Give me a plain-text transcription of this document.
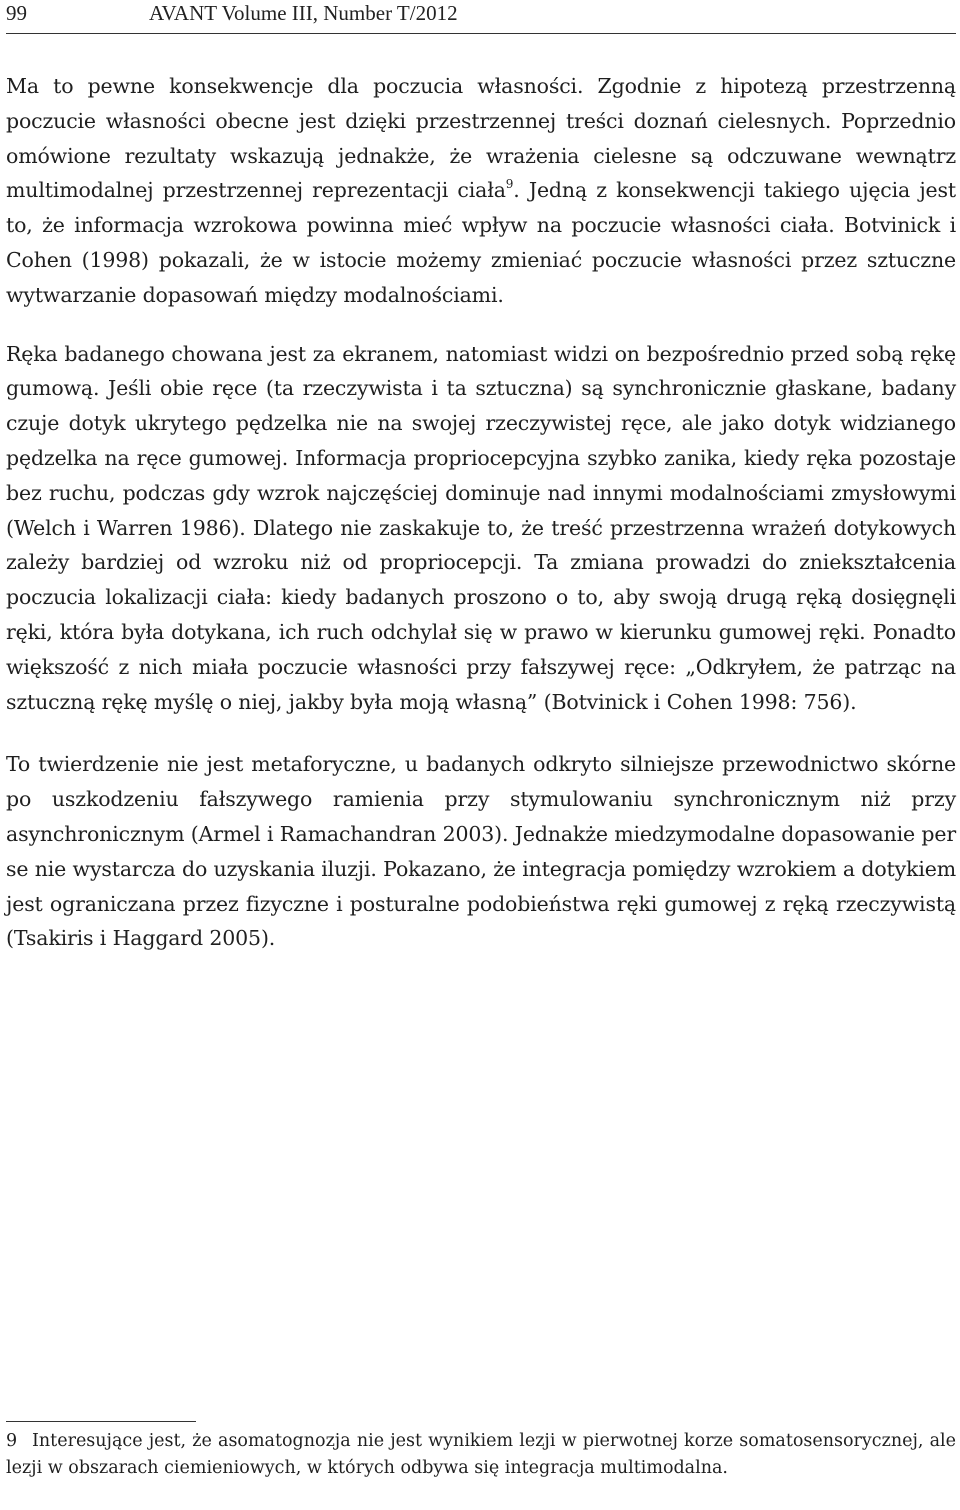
99	AVANT Volume III, Number T/2012

Ma to pewne konsekwencje dla poczucia własności. Zgodnie z hipotezą przestrzenną poczucie własności obecne jest dzięki przestrzennej treści doznań cielesnych. Poprzednio omówione rezultaty wskazują jednakże, że wrażenia cielesne są odczuwane wewnątrz multimodalnej przestrzennej reprezentacji ciała$^9$. Jedną z konsekwencji takiego ujęcia jest to, że informacja wzrokowa powinna mieć wpływ na poczucie własności ciała. Botvinick i Cohen (1998) pokazali, że w istocie możemy zmieniać poczucie własności przez sztuczne wytwarzanie dopasowań między modalnościami.

Ręka badanego chowana jest za ekranem, natomiast widzi on bezpośrednio przed sobą rękę gumową. Jeśli obie ręce (ta rzeczywista i ta sztuczna) są synchronicznie głaskane, badany czuje dotyk ukrytego pędzelka nie na swojej rzeczywistej ręce, ale jako dotyk widzianego pędzelka na ręce gumowej. Informacja propriocepcyjna szybko zanika, kiedy ręka pozostaje bez ruchu, podczas gdy wzrok najczęściej dominuje nad innymi modalnościami zmysłowymi (Welch i Warren 1986). Dlatego nie zaskakuje to, że treść przestrzenna wrażeń dotykowych zależy bardziej od wzroku niż od propriocepcji. Ta zmiana prowadzi do zniekształcenia poczucia lokalizacji ciała: kiedy badanych proszono o to, aby swoją drugą ręką dosięgnęli ręki, która była dotykana, ich ruch odchylał się w prawo w kierunku gumowej ręki. Ponadto większość z nich miała poczucie własności przy fałszywej ręce: „Odkryłem, że patrząc na sztuczną rękę myślę o niej, jakby była moją własną” (Botvinick i Cohen 1998: 756).

To twierdzenie nie jest metaforyczne, u badanych odkryto silniejsze przewodnictwo skórne po uszkodzeniu fałszywego ramienia przy stymulowaniu synchronicznym niż przy asynchronicznym (Armel i Ramachandran 2003). Jednakże miedzymodalne dopasowanie per se nie wystarcza do uzyskania iluzji. Pokazano, że integracja pomiędzy wzrokiem a dotykiem jest ograniczana przez fizyczne i posturalne podobieństwa ręki gumowej z ręką rzeczywistą (Tsakiris i Haggard 2005).

9 Interesujące jest, że asomatognozja nie jest wynikiem lezji w pierwotnej korze somatosensorycznej, ale lezji w obszarach ciemieniowych, w których odbywa się integracja multimodalna.
